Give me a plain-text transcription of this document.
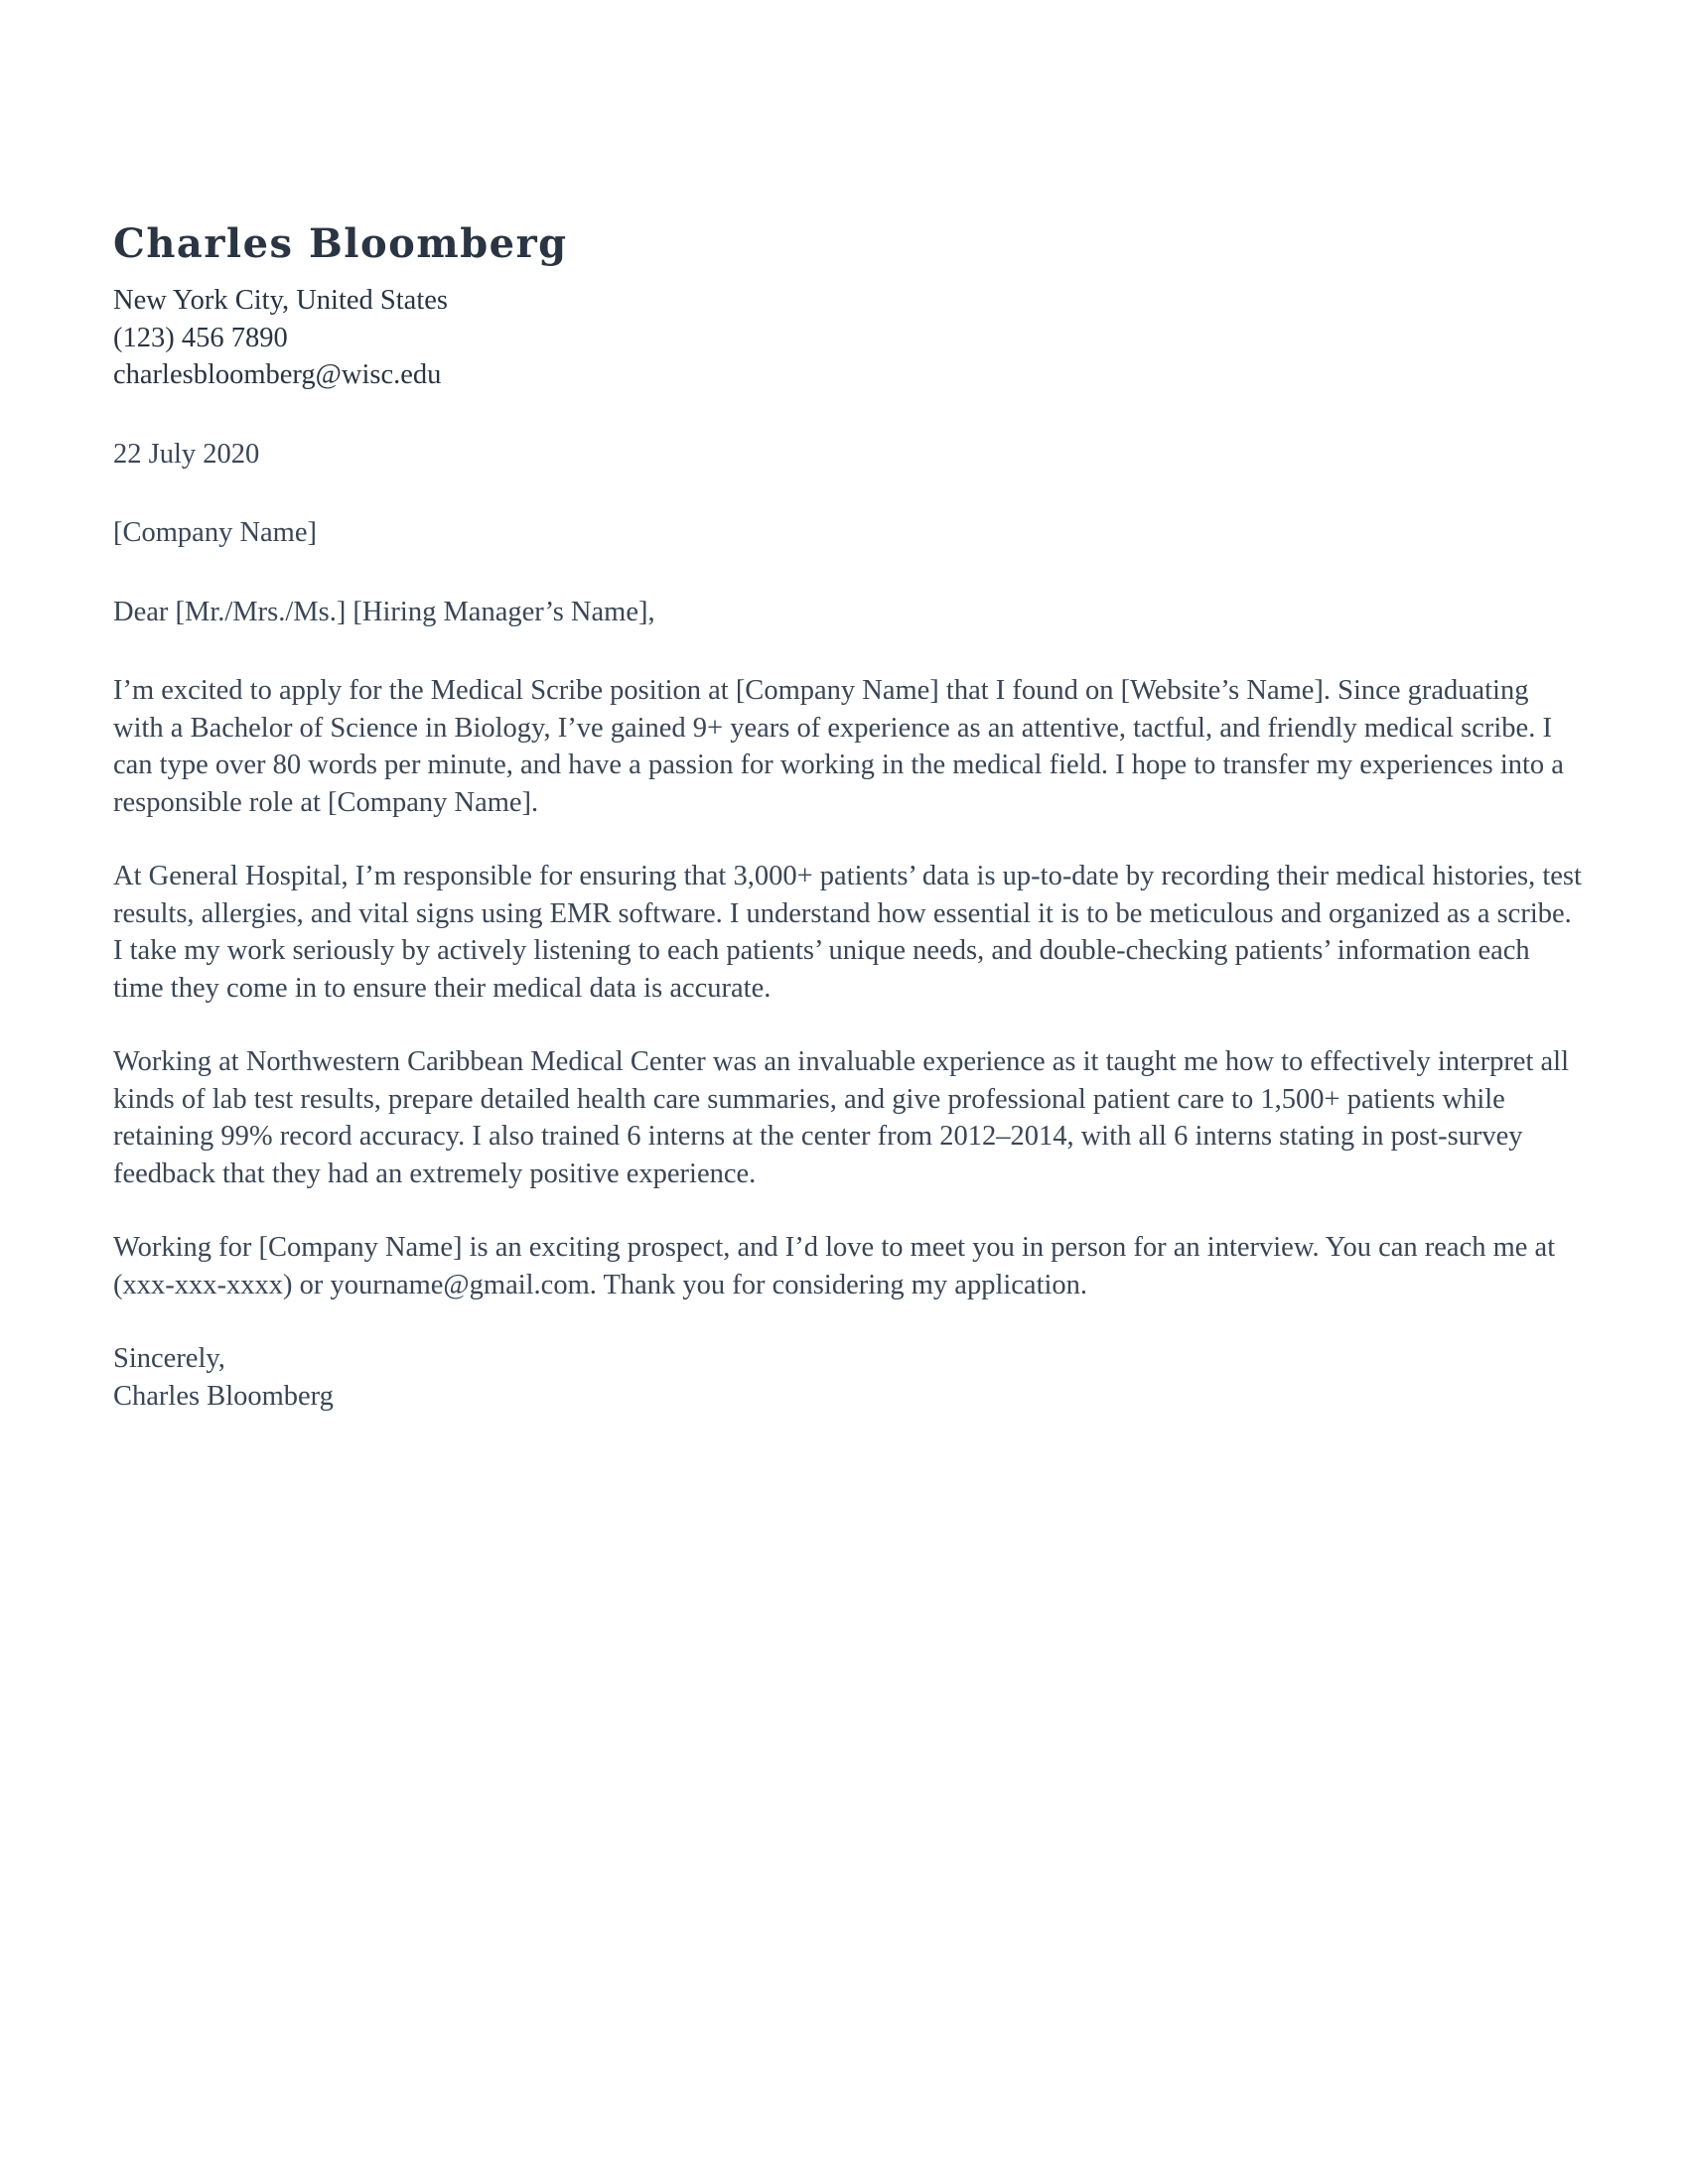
Charles Bloomberg

New York City, United States

(123) 456 7890

charlesbloomberg@wisc.edu

22 July 2020

[Company Name]

Dear [Mr./Mrs./Ms.] [Hiring Manager’s Name],

I’m excited to apply for the Medical Scribe position at [Company Name] that I found on [Website’s Name]. Since graduating with a Bachelor of Science in Biology, I’ve gained 9+ years of experience as an attentive, tactful, and friendly medical scribe. I can type over 80 words per minute, and have a passion for working in the medical field. I hope to transfer my experiences into a responsible role at [Company Name].

At General Hospital, I’m responsible for ensuring that 3,000+ patients’ data is up-to-date by recording their medical histories, test results, allergies, and vital signs using EMR software. I understand how essential it is to be meticulous and organized as a scribe. I take my work seriously by actively listening to each patients’ unique needs, and double-checking patients’ information each time they come in to ensure their medical data is accurate.

Working at Northwestern Caribbean Medical Center was an invaluable experience as it taught me how to effectively interpret all kinds of lab test results, prepare detailed health care summaries, and give professional patient care to 1,500+ patients while retaining 99% record accuracy. I also trained 6 interns at the center from 2012–2014, with all 6 interns stating in post-survey feedback that they had an extremely positive experience.

Working for [Company Name] is an exciting prospect, and I’d love to meet you in person for an interview. You can reach me at (xxx-xxx-xxxx) or yourname@gmail.com. Thank you for considering my application.

Sincerely,

Charles Bloomberg
